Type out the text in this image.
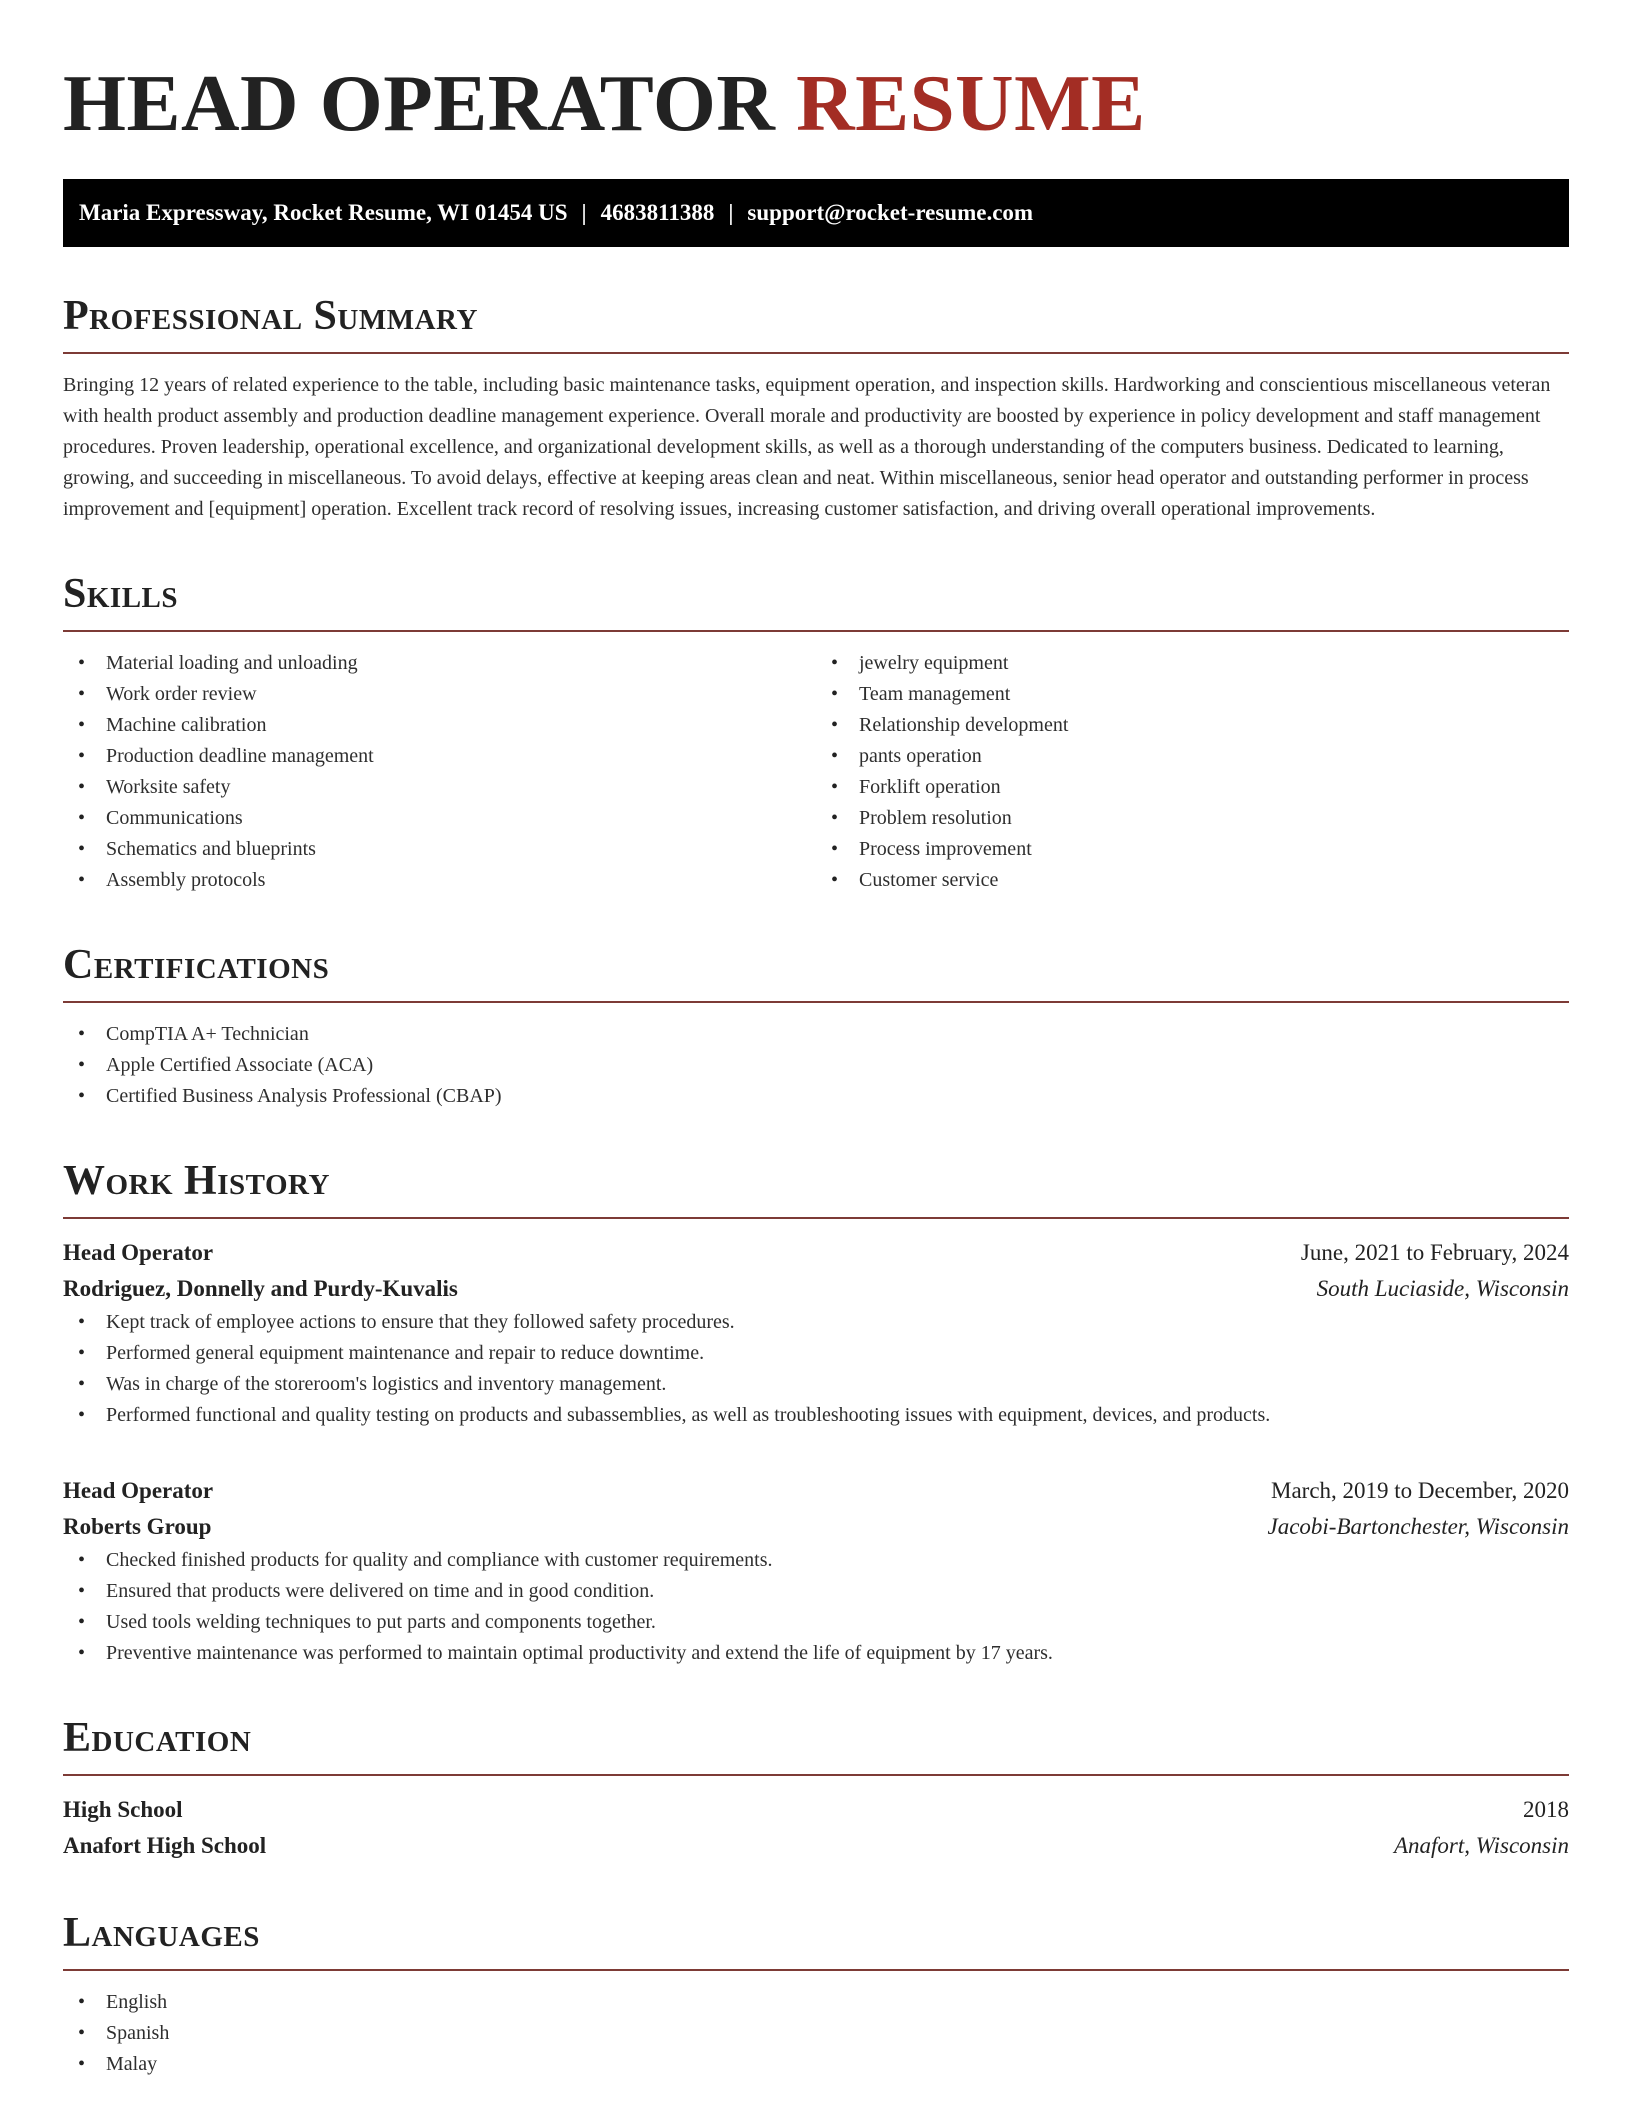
HEAD OPERATOR RESUME
Maria Expressway, Rocket Resume, WI 01454 US | 4683811388 | support@rocket-resume.com
Professional Summary

Bringing 12 years of related experience to the table, including basic maintenance tasks, equipment operation, and inspection skills. Hardworking and conscientious miscellaneous veteran with health product assembly and production deadline management experience. Overall morale and productivity are boosted by experience in policy development and staff management procedures. Proven leadership, operational excellence, and organizational development skills, as well as a thorough understanding of the computers business. Dedicated to learning, growing, and succeeding in miscellaneous. To avoid delays, effective at keeping areas clean and neat. Within miscellaneous, senior head operator and outstanding performer in process improvement and [equipment] operation. Excellent track record of resolving issues, increasing customer satisfaction, and driving overall operational improvements.

Skills
• Material loading and unloading
• Work order review
• Machine calibration
• Production deadline management
• Worksite safety
• Communications
• Schematics and blueprints
• Assembly protocols
• jewelry equipment
• Team management
• Relationship development
• pants operation
• Forklift operation
• Problem resolution
• Process improvement
• Customer service
Certifications
• CompTIA A+ Technician
• Apple Certified Associate (ACA)
• Certified Business Analysis Professional (CBAP)
Work History
Head Operator	June, 2021 to February, 2024
Rodriguez, Donnelly and Purdy-Kuvalis	South Luciaside, Wisconsin
• Kept track of employee actions to ensure that they followed safety procedures.
• Performed general equipment maintenance and repair to reduce downtime.
• Was in charge of the storeroom's logistics and inventory management.
• Performed functional and quality testing on products and subassemblies, as well as troubleshooting issues with equipment, devices, and products.
Head Operator	March, 2019 to December, 2020
Roberts Group	Jacobi-Bartonchester, Wisconsin
• Checked finished products for quality and compliance with customer requirements.
• Ensured that products were delivered on time and in good condition.
• Used tools welding techniques to put parts and components together.
• Preventive maintenance was performed to maintain optimal productivity and extend the life of equipment by 17 years.
Education
High School	2018
Anafort High School	Anafort, Wisconsin
Languages
• English
• Spanish
• Malay
